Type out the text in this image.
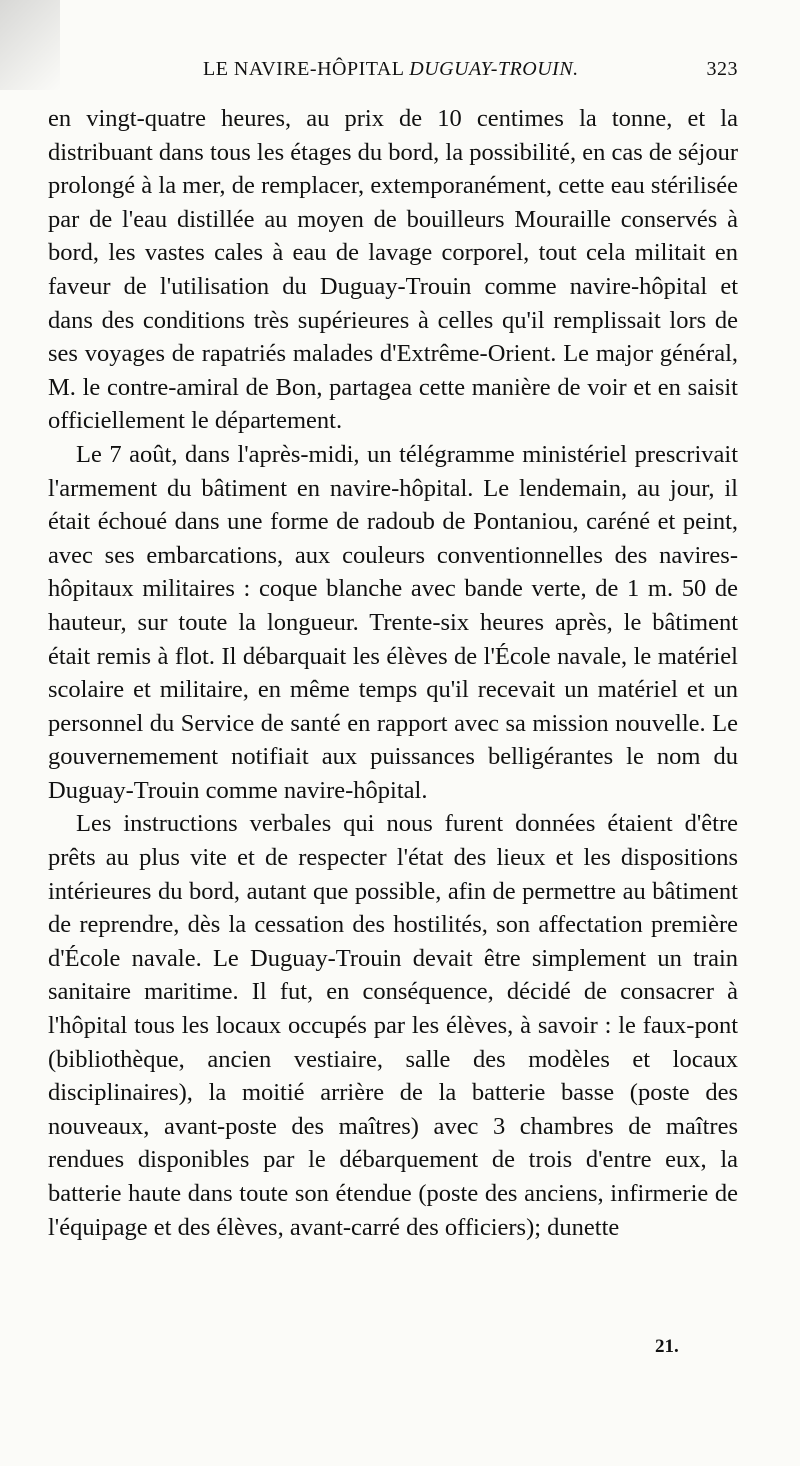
LE NAVIRE-HÔPITAL DUGUAY-TROUIN.	323

en vingt-quatre heures, au prix de 10 centimes la tonne, et la distribuant dans tous les étages du bord, la possibilité, en cas de séjour prolongé à la mer, de remplacer, extemporanément, cette eau stérilisée par de l'eau distillée au moyen de bouilleurs Mouraille conservés à bord, les vastes cales à eau de lavage corporel, tout cela militait en faveur de l'utilisation du Duguay-Trouin comme navire-hôpital et dans des conditions très supérieures à celles qu'il remplissait lors de ses voyages de rapatriés malades d'Extrême-Orient. Le major général, M. le contre-amiral de Bon, partagea cette manière de voir et en saisit officiellement le département.

Le 7 août, dans l'après-midi, un télégramme ministériel prescrivait l'armement du bâtiment en navire-hôpital. Le lendemain, au jour, il était échoué dans une forme de radoub de Pontaniou, caréné et peint, avec ses embarcations, aux couleurs conventionnelles des navires-hôpitaux militaires : coque blanche avec bande verte, de 1 m. 50 de hauteur, sur toute la longueur. Trente-six heures après, le bâtiment était remis à flot. Il débarquait les élèves de l'École navale, le matériel scolaire et militaire, en même temps qu'il recevait un matériel et un personnel du Service de santé en rapport avec sa mission nouvelle. Le gouvernemement notifiait aux puissances belligérantes le nom du Duguay-Trouin comme navire-hôpital.

Les instructions verbales qui nous furent données étaient d'être prêts au plus vite et de respecter l'état des lieux et les dispositions intérieures du bord, autant que possible, afin de permettre au bâtiment de reprendre, dès la cessation des hostilités, son affectation première d'École navale. Le Duguay-Trouin devait être simplement un train sanitaire maritime. Il fut, en conséquence, décidé de consacrer à l'hôpital tous les locaux occupés par les élèves, à savoir : le faux-pont (bibliothèque, ancien vestiaire, salle des modèles et locaux disciplinaires), la moitié arrière de la batterie basse (poste des nouveaux, avant-poste des maîtres) avec 3 chambres de maîtres rendues disponibles par le débarquement de trois d'entre eux, la batterie haute dans toute son étendue (poste des anciens, infirmerie de l'équipage et des élèves, avant-carré des officiers); dunette

21.
